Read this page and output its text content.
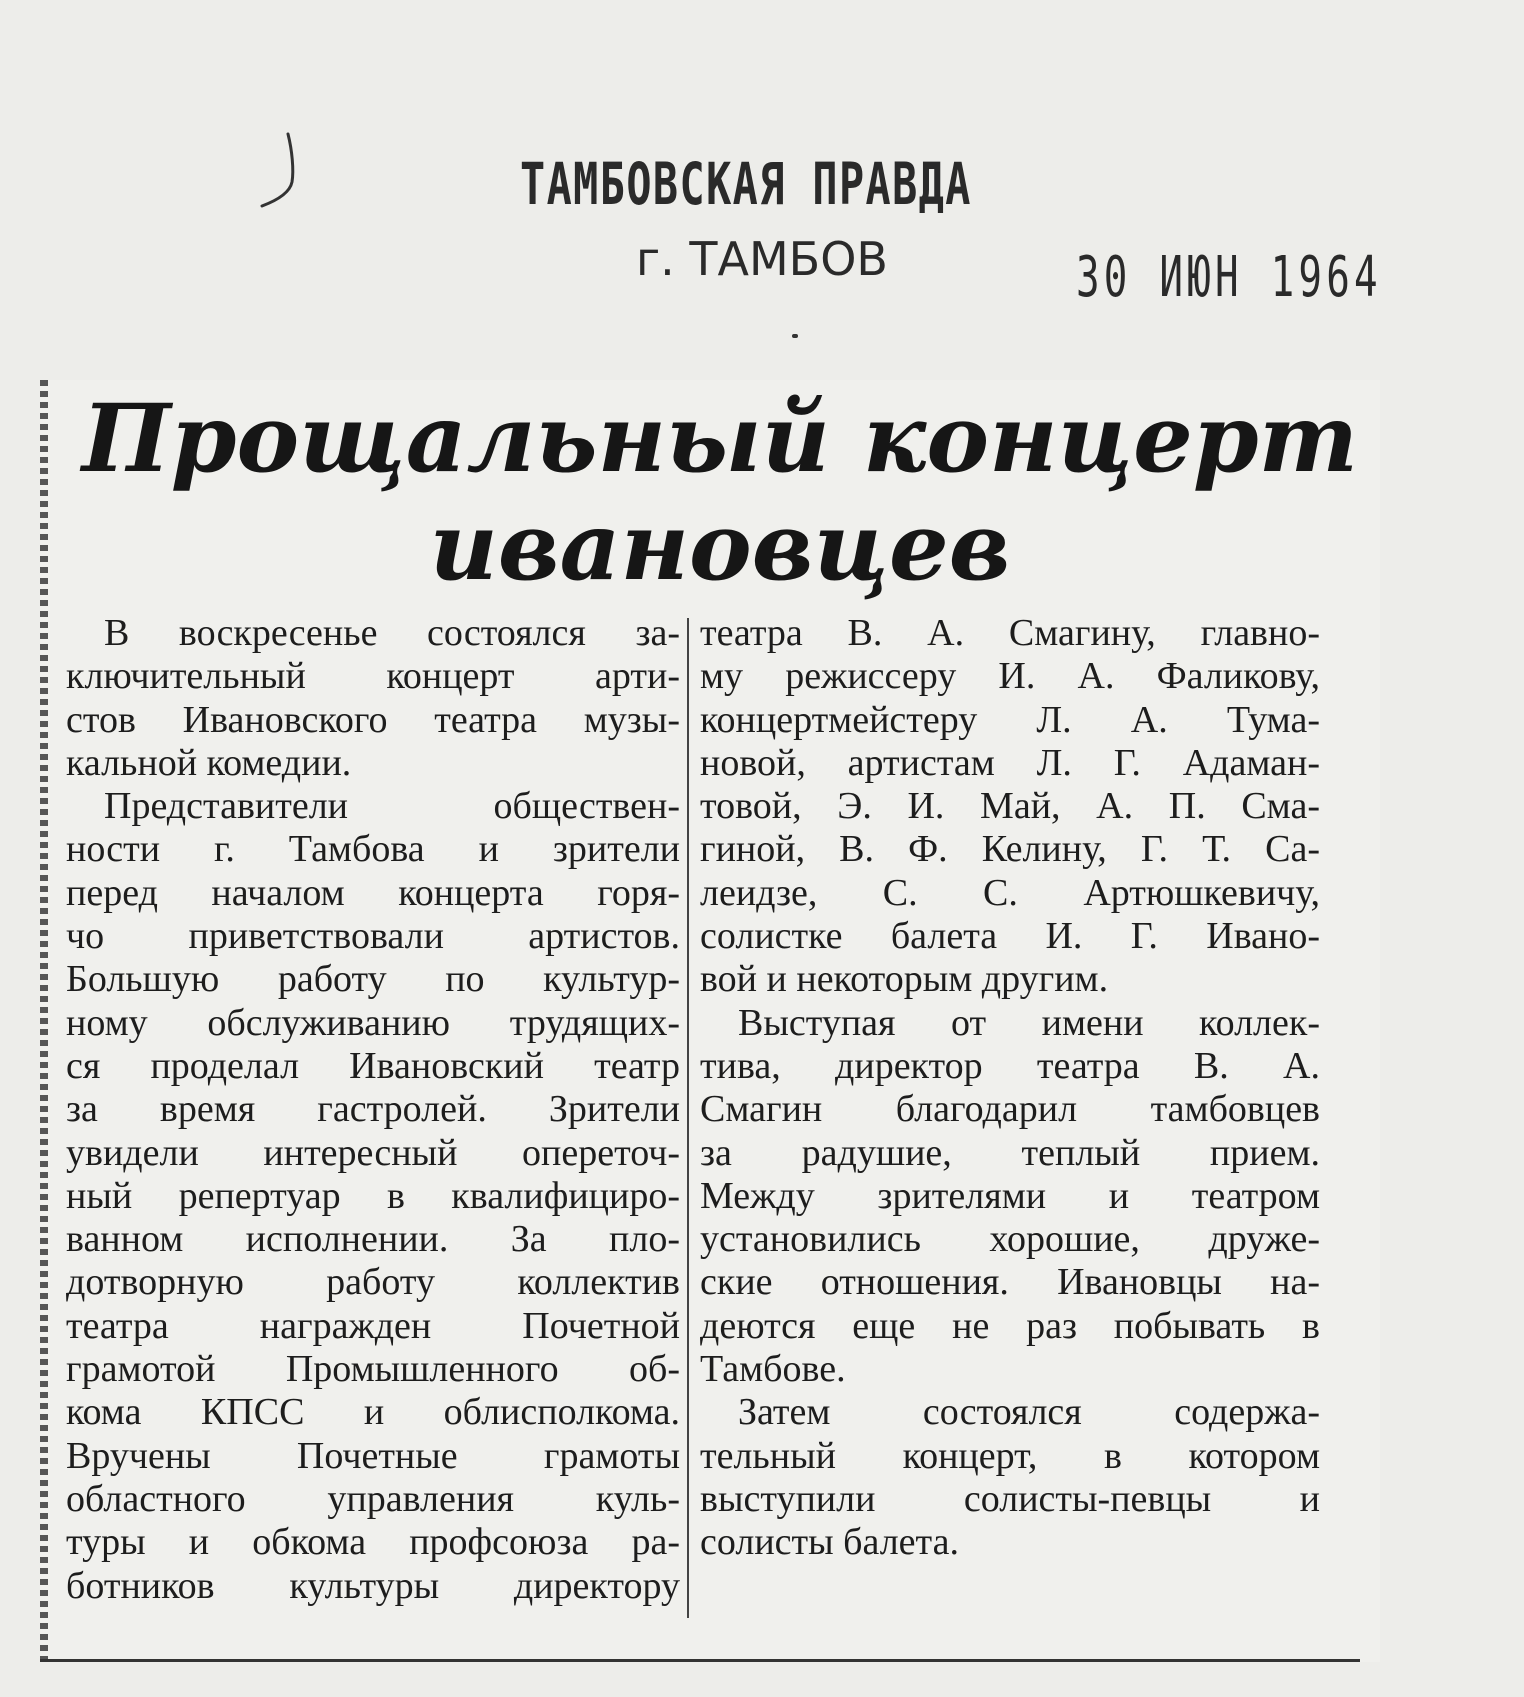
ТАМБОВСКАЯ ПРАВДА
г. ТАМБОВ	30 ИЮН 1964
Прощальный концерт
ивановцев

В воскресенье состоялся за-

ключительный концерт арти-

стов Ивановского театра музы-

кальной комедии.

Представители обществен-

ности г. Тамбова и зрители

перед началом концерта горя-

чо приветствовали артистов.

Большую работу по культур-

ному обслуживанию трудящих-

ся проделал Ивановский театр

за время гастролей. Зрители

увидели интересный опереточ-

ный репертуар в квалифициро-

ванном исполнении. За пло-

дотворную работу коллектив

театра награжден Почетной

грамотой Промышленного об-

кома КПСС и облисполкома.

Вручены Почетные грамоты

областного управления куль-

туры и обкома профсоюза ра-

ботников культуры директору

театра В. А. Смагину, главно-

му режиссеру И. А. Фаликову,

концертмейстеру Л. А. Тума-

новой, артистам Л. Г. Адаман-

товой, Э. И. Май, А. П. Сма-

гиной, В. Ф. Келину, Г. Т. Са-

леидзе, С. С. Артюшкевичу,

солистке балета И. Г. Ивано-

вой и некоторым другим.

Выступая от имени коллек-

тива, директор театра В. А.

Смагин благодарил тамбовцев

за радушие, теплый прием.

Между зрителями и театром

установились хорошие, друже-

ские отношения. Ивановцы на-

деются еще не раз побывать в

Тамбове.

Затем состоялся содержа-

тельный концерт, в котором

выступили солисты-певцы и

солисты балета.
